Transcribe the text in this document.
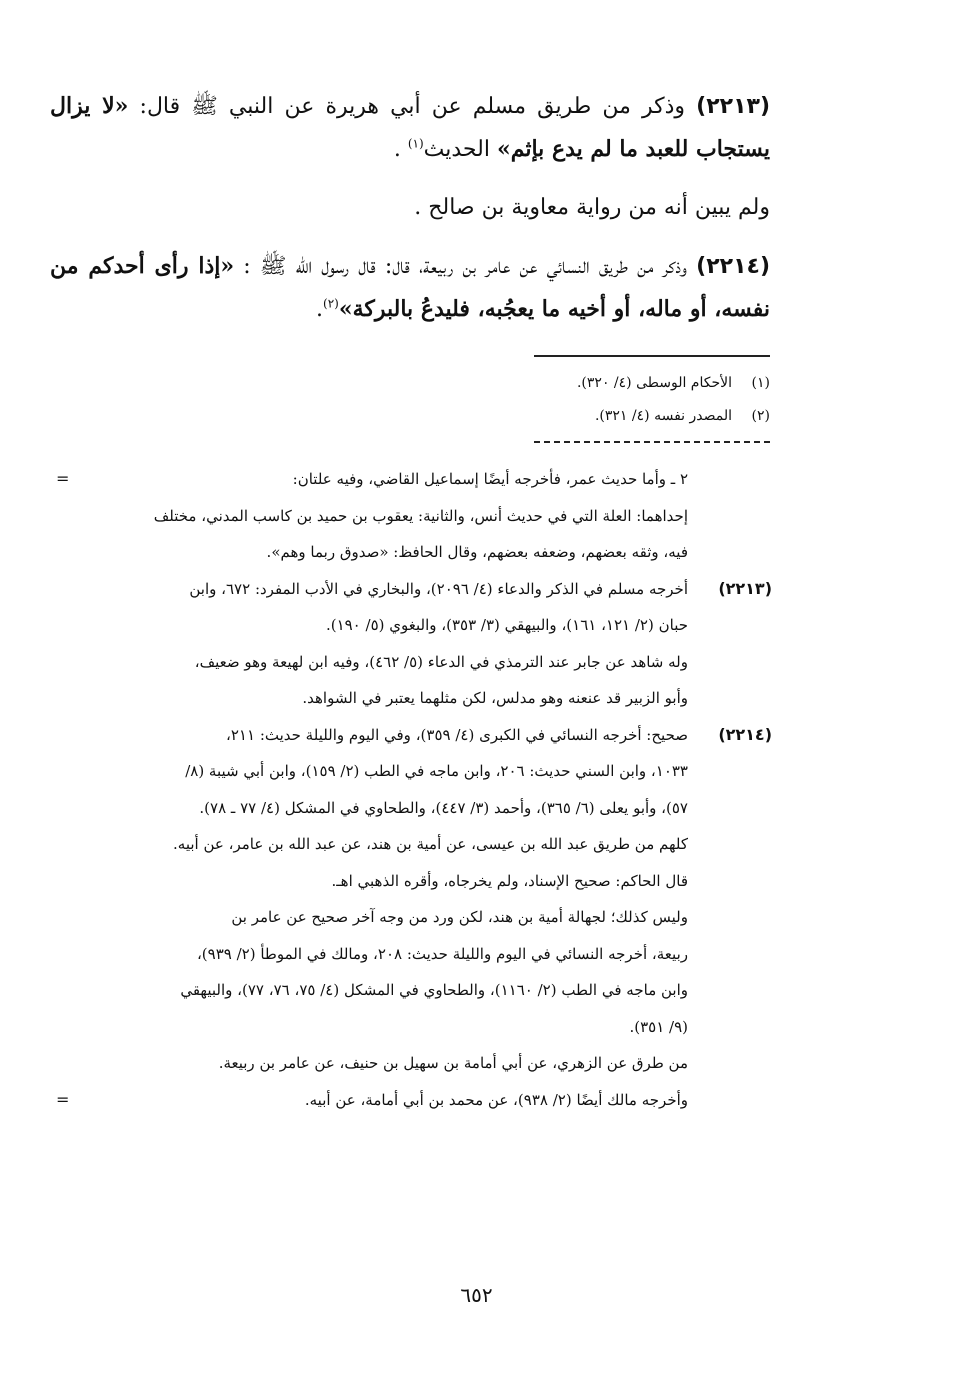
(٢٢١٣) وذكر من طريق مسلم عن أبي هريرة عن النبي ﷺ قال: «لا يزال يستجاب للعبد ما لم يدع بإثم» الحديث$^{(١)}$ .

ولم يبين أنه من رواية معاوية بن صالح .

(٢٢١٤) وذكر من طريق النسائي عن عامر بن ربيعة، قال: قال رسول الله ﷺ : «إذا رأى أحدكم من نفسه، أو ماله، أو أخيه ما يعجُبه، فليدعُ بالبركة»$^{(٢)}$.

(١)الأحكام الوسطى (٤/ ٣٢٠).
(٢)المصدر نفسه (٤/ ٣٢١).
=	٢ ـ وأما حديث عمر، فأخرجه أيضًا إسماعيل القاضي، وفيه علتان:
إحداهما: العلة التي في حديث أنس، والثانية: يعقوب بن حميد بن كاسب المدني، مختلف
فيه، وثقه بعضهم، وضعفه بعضهم، وقال الحافظ: «صدوق ربما وهم».
(٢٢١٣)
أخرجه مسلم في الذكر والدعاء (٤/ ٢٠٩٦)، والبخاري في الأدب المفرد: ٦٧٢، وابن
حبان (٢/ ١٢١، ١٦١)، والبيهقي (٣/ ٣٥٣)، والبغوي (٥/ ١٩٠).
وله شاهد عن جابر عند الترمذي في الدعاء (٥/ ٤٦٢)، وفيه ابن لهيعة وهو ضعيف،
وأبو الزبير قد عنعنه وهو مدلس، لكن مثلهما يعتبر في الشواهد.
(٢٢١٤)
صحيح: أخرجه النسائي في الكبرى (٤/ ٣٥٩)، وفي اليوم والليلة حديث: ٢١١،
١٠٣٣، وابن السني حديث: ٢٠٦، وابن ماجه في الطب (٢/ ١٥٩)، وابن أبي شيبة (٨/
٥٧)، وأبو يعلى (٦/ ٣٦٥)، وأحمد (٣/ ٤٤٧)، والطحاوي في المشكل (٤/ ٧٧ ـ ٧٨).
كلهم من طريق عبد الله بن عيسى، عن أمية بن هند، عن عبد الله بن عامر، عن أبيه.
قال الحاكم: صحيح الإسناد، ولم يخرجاه، وأقره الذهبي اهـ.
وليس كذلك؛ لجهالة أمية بن هند، لكن ورد من وجه آخر صحيح عن عامر بن
ربيعة، أخرجه النسائي في اليوم والليلة حديث: ٢٠٨، ومالك في الموطأ (٢/ ٩٣٩)،
وابن ماجه في الطب (٢/ ١١٦٠)، والطحاوي في المشكل (٤/ ٧٥، ٧٦، ٧٧)، والبيهقي
(٩/ ٣٥١).
من طرق عن الزهري، عن أبي أمامة بن سهيل بن حنيف، عن عامر بن ربيعة.
=	وأخرجه مالك أيضًا (٢/ ٩٣٨)، عن محمد بن أبي أمامة، عن أبيه.
٦٥٢
